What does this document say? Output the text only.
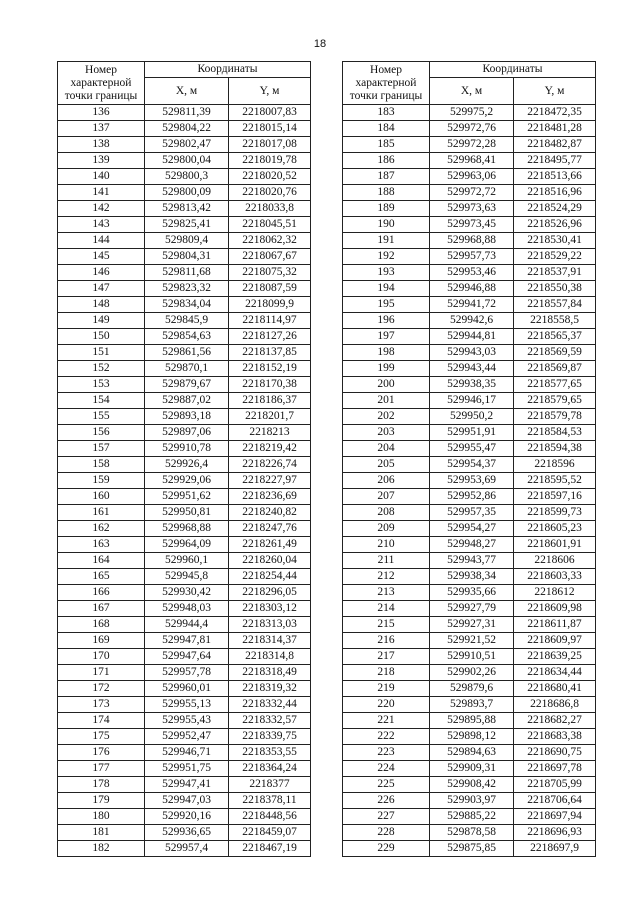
18
Номер характерной точки границы	Координаты	
	X, м	Y, м
136	529811,39	2218007,83
137	529804,22	2218015,14
138	529802,47	2218017,08
139	529800,04	2218019,78
140	529800,3	2218020,52
141	529800,09	2218020,76
142	529813,42	2218033,8
143	529825,41	2218045,51
144	529809,4	2218062,32
145	529804,31	2218067,67
146	529811,68	2218075,32
147	529823,32	2218087,59
148	529834,04	2218099,9
149	529845,9	2218114,97
150	529854,63	2218127,26
151	529861,56	2218137,85
152	529870,1	2218152,19
153	529879,67	2218170,38
154	529887,02	2218186,37
155	529893,18	2218201,7
156	529897,06	2218213
157	529910,78	2218219,42
158	529926,4	2218226,74
159	529929,06	2218227,97
160	529951,62	2218236,69
161	529950,81	2218240,82
162	529968,88	2218247,76
163	529964,09	2218261,49
164	529960,1	2218260,04
165	529945,8	2218254,44
166	529930,42	2218296,05
167	529948,03	2218303,12
168	529944,4	2218313,03
169	529947,81	2218314,37
170	529947,64	2218314,8
171	529957,78	2218318,49
172	529960,01	2218319,32
173	529955,13	2218332,44
174	529955,43	2218332,57
175	529952,47	2218339,75
176	529946,71	2218353,55
177	529951,75	2218364,24
178	529947,41	2218377
179	529947,03	2218378,11
180	529920,16	2218448,56
181	529936,65	2218459,07
182	529957,4	2218467,19
Номер характерной точки границы	Координаты	
	X, м	Y, м
183	529975,2	2218472,35
184	529972,76	2218481,28
185	529972,28	2218482,87
186	529968,41	2218495,77
187	529963,06	2218513,66
188	529972,72	2218516,96
189	529973,63	2218524,29
190	529973,45	2218526,96
191	529968,88	2218530,41
192	529957,73	2218529,22
193	529953,46	2218537,91
194	529946,88	2218550,38
195	529941,72	2218557,84
196	529942,6	2218558,5
197	529944,81	2218565,37
198	529943,03	2218569,59
199	529943,44	2218569,87
200	529938,35	2218577,65
201	529946,17	2218579,65
202	529950,2	2218579,78
203	529951,91	2218584,53
204	529955,47	2218594,38
205	529954,37	2218596
206	529953,69	2218595,52
207	529952,86	2218597,16
208	529957,35	2218599,73
209	529954,27	2218605,23
210	529948,27	2218601,91
211	529943,77	2218606
212	529938,34	2218603,33
213	529935,66	2218612
214	529927,79	2218609,98
215	529927,31	2218611,87
216	529921,52	2218609,97
217	529910,51	2218639,25
218	529902,26	2218634,44
219	529879,6	2218680,41
220	529893,7	2218686,8
221	529895,88	2218682,27
222	529898,12	2218683,38
223	529894,63	2218690,75
224	529909,31	2218697,78
225	529908,42	2218705,99
226	529903,97	2218706,64
227	529885,22	2218697,94
228	529878,58	2218696,93
229	529875,85	2218697,9
